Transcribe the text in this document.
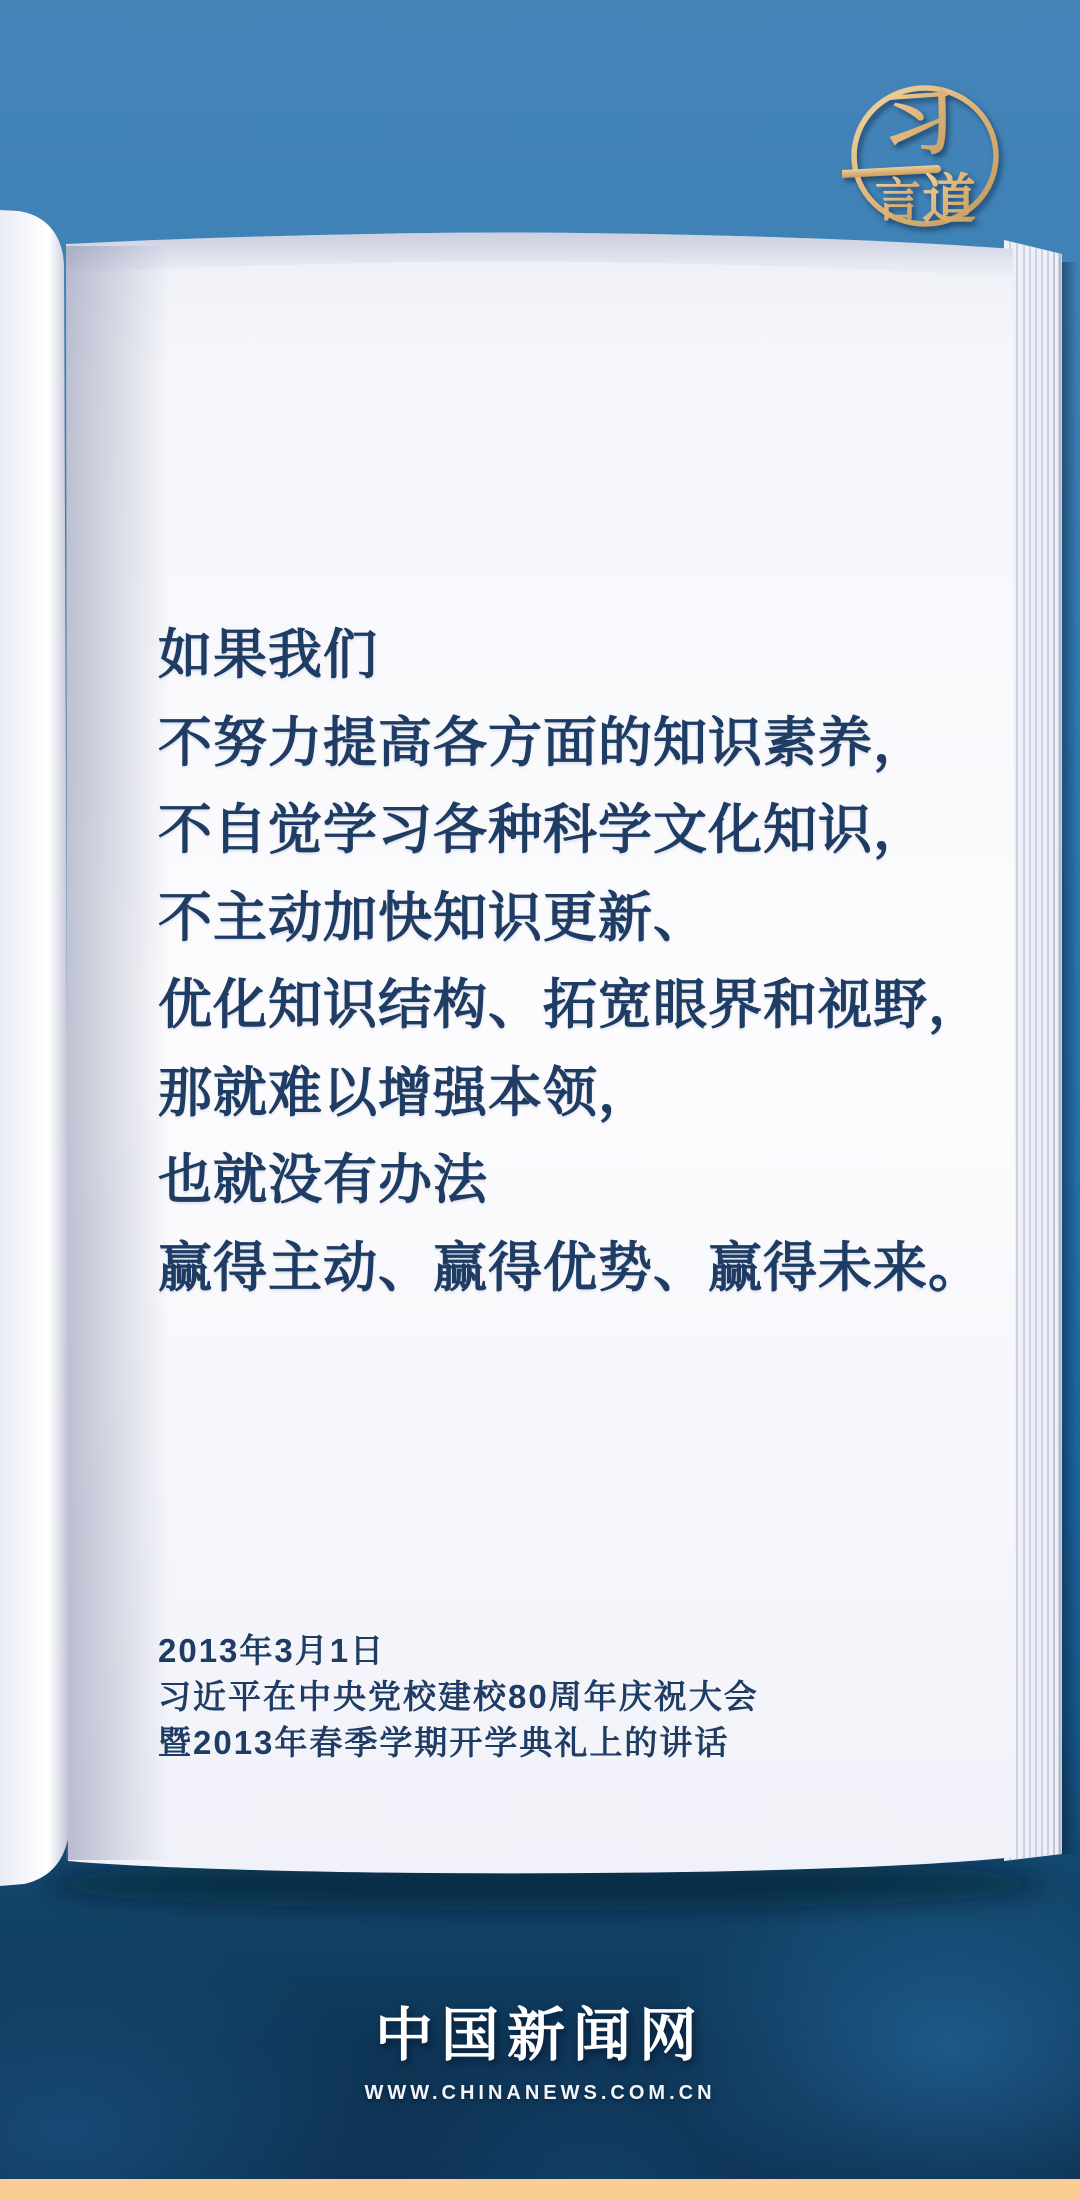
习
言 道
如果我们
不努力提高各方面的知识素养，
不自觉学习各种科学文化知识，
不主动加快知识更新、
优化知识结构、拓宽眼界和视野，
那就难以增强本领，
也就没有办法
赢得主动、赢得优势、赢得未来。
2013年3月1日
习近平在中央党校建校80周年庆祝大会
暨2013年春季学期开学典礼上的讲话
中国新闻网
WWW.CHINANEWS.COM.CN
